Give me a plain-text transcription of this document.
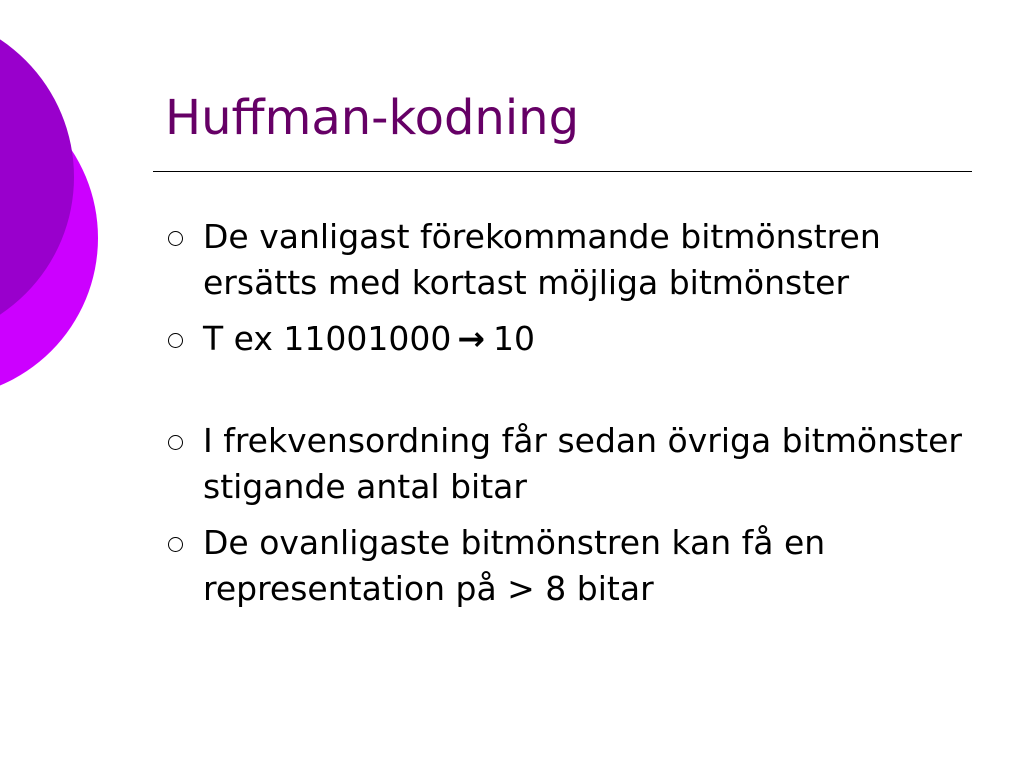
Huffman-kodning
De vanligast förekommande bitmönstren ersätts med kortast möjliga bitmönster
T ex 11001000 → 10
I frekvensordning får sedan övriga bitmönster stigande antal bitar
De ovanligaste bitmönstren kan få en representation på > 8 bitar
